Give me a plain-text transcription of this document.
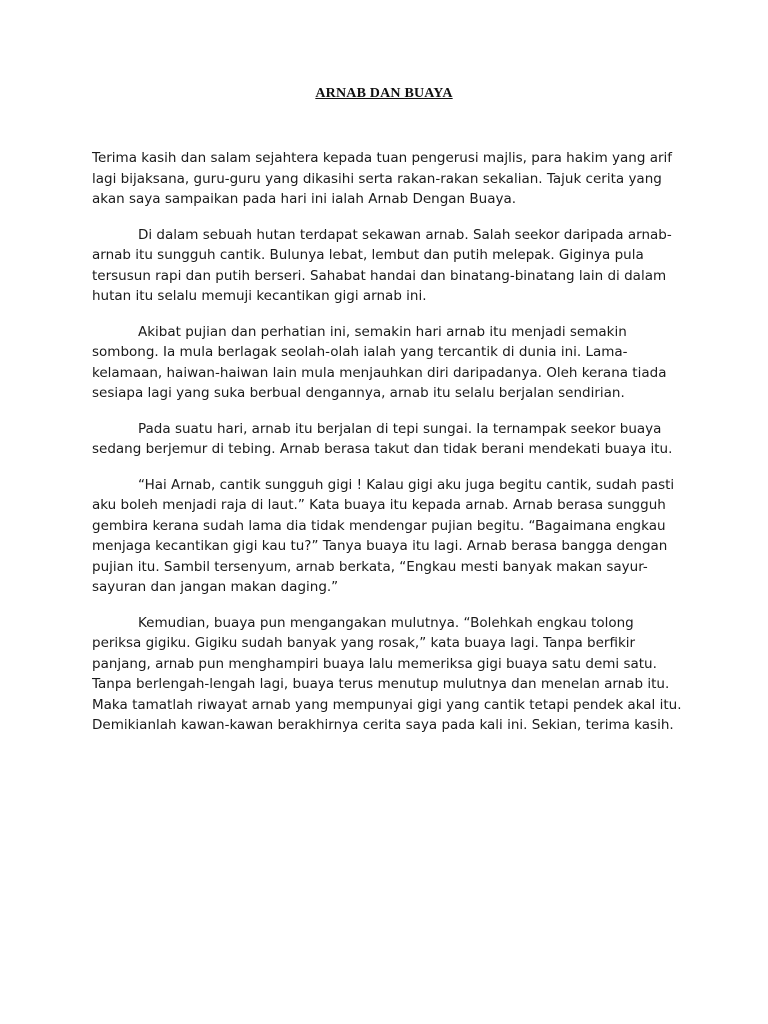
ARNAB DAN BUAYA

Terima kasih dan salam sejahtera kepada tuan pengerusi majlis, para hakim yang arif lagi bijaksana, guru-guru yang dikasihi serta rakan-rakan sekalian. Tajuk cerita yang akan saya sampaikan pada hari ini ialah Arnab Dengan Buaya.

Di dalam sebuah hutan terdapat sekawan arnab. Salah seekor daripada arnab-arnab itu sungguh cantik. Bulunya lebat, lembut dan putih melepak. Giginya pula tersusun rapi dan putih berseri. Sahabat handai dan binatang-binatang lain di dalam hutan itu selalu memuji kecantikan gigi arnab ini.

Akibat pujian dan perhatian ini, semakin hari arnab itu menjadi semakin sombong. Ia mula berlagak seolah-olah ialah yang tercantik di dunia ini. Lama-kelamaan, haiwan-haiwan lain mula menjauhkan diri daripadanya. Oleh kerana tiada sesiapa lagi yang suka berbual dengannya, arnab itu selalu berjalan sendirian.

Pada suatu hari, arnab itu berjalan di tepi sungai. Ia ternampak seekor buaya sedang berjemur di tebing. Arnab berasa takut dan tidak berani mendekati buaya itu.

“Hai Arnab, cantik sungguh gigi ! Kalau gigi aku juga begitu cantik, sudah pasti aku boleh menjadi raja di laut.” Kata buaya itu kepada arnab. Arnab berasa sungguh gembira kerana sudah lama dia tidak mendengar pujian begitu. “Bagaimana engkau menjaga kecantikan gigi kau tu?” Tanya buaya itu lagi. Arnab berasa bangga dengan pujian itu. Sambil tersenyum, arnab berkata, “Engkau mesti banyak makan sayur-sayuran dan jangan makan daging.”

Kemudian, buaya pun mengangakan mulutnya. “Bolehkah engkau tolong periksa gigiku. Gigiku sudah banyak yang rosak,” kata buaya lagi. Tanpa berfikir panjang, arnab pun menghampiri buaya lalu memeriksa gigi buaya satu demi satu. Tanpa berlengah-lengah lagi, buaya terus menutup mulutnya dan menelan arnab itu. Maka tamatlah riwayat arnab yang mempunyai gigi yang cantik tetapi pendek akal itu. Demikianlah kawan-kawan berakhirnya cerita saya pada kali ini. Sekian, terima kasih.
